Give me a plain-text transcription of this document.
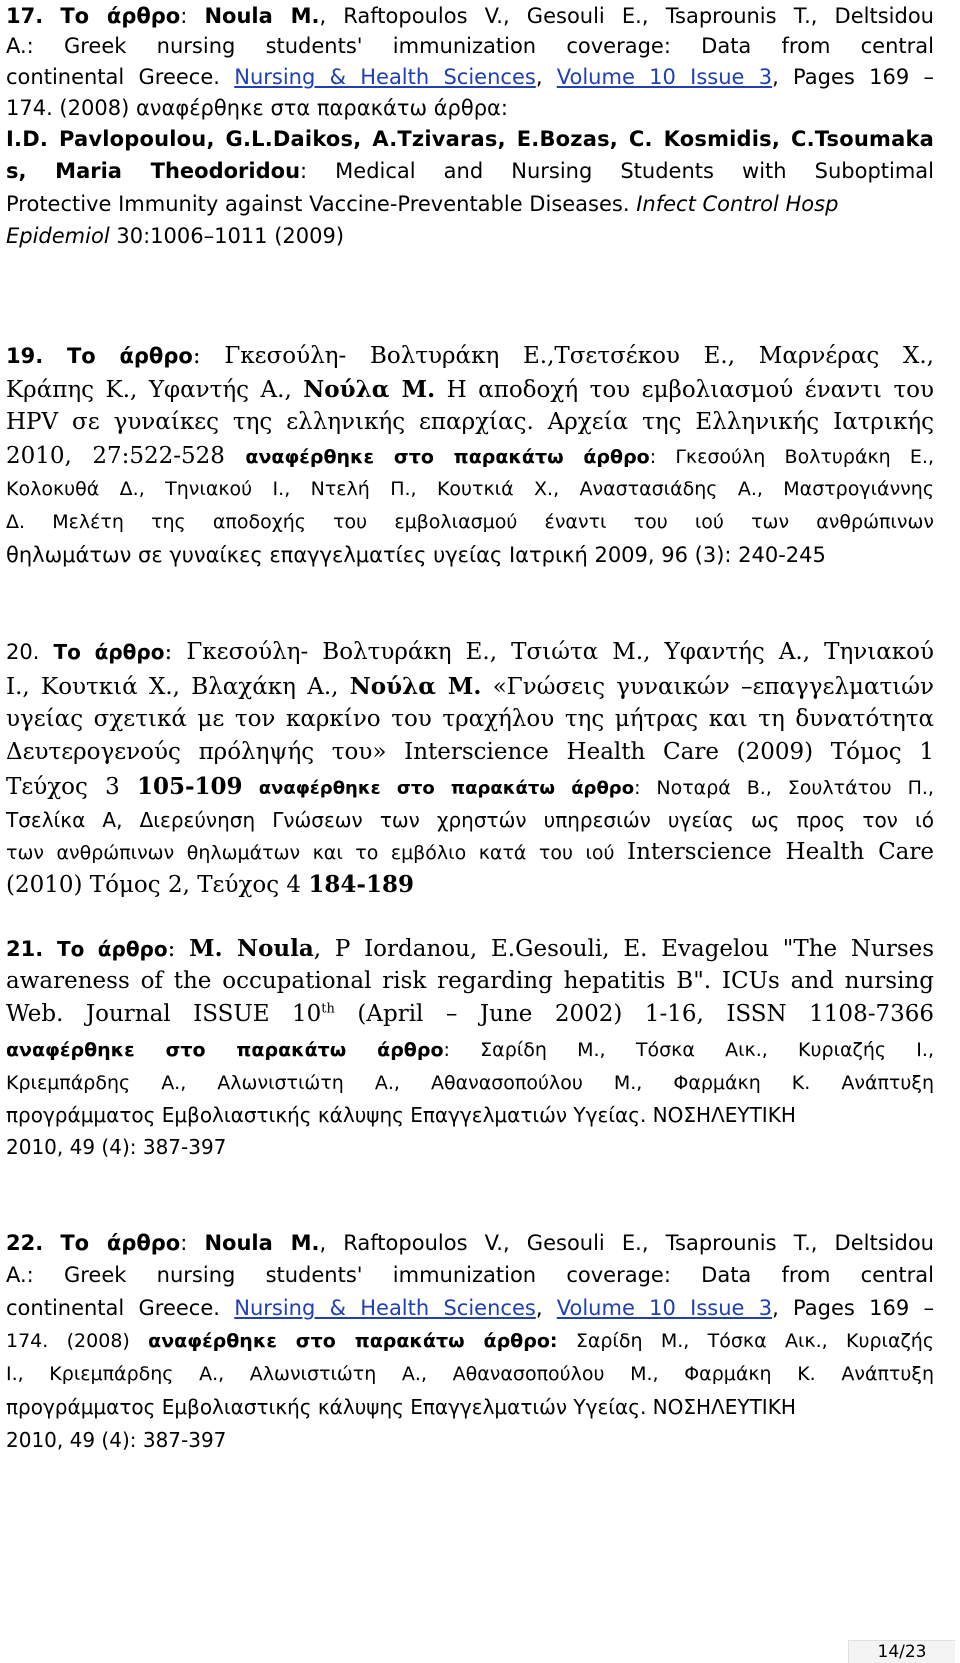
17. Το άρθρο: Noula M., Raftopoulos V., Gesouli E., Tsaprounis T., Deltsidou
A.: Greek nursing students' immunization coverage: Data from central
continental Greece. Nursing & Health Sciences, Volume 10 Issue 3, Pages 169 –
174. (2008) αναφέρθηκε στα παρακάτω άρθρα:
I.D. Pavlopoulou, G.L.Daikos, A.Tzivaras, E.Bozas, C. Kosmidis, C.Tsoumaka
s, Maria Theodoridou: Medical and Nursing Students with Suboptimal
Protective Immunity against Vaccine-Preventable Diseases. Infect Control Hosp
Epidemiol 30:1006–1011 (2009)
19. Το άρθρο: Γκεσούλη- Βολτυράκη Ε.,Τσετσέκου Ε., Μαρνέρας Χ.,
Κράπης Κ., Υφαντής Α., Νούλα Μ. Η αποδοχή του εμβολιασμού έναντι του
HPV σε γυναίκες της ελληνικής επαρχίας. Αρχεία της Ελληνικής Ιατρικής
2010, 27:522-528 αναφέρθηκε στο παρακάτω άρθρο: Γκεσούλη Βολτυράκη Ε.,
Κολοκυθά Δ., Τηνιακού Ι., Ντελή Π., Κουτκιά Χ., Αναστασιάδης Α., Μαστρογιάννης
Δ. Μελέτη της αποδοχής του εμβολιασμού έναντι του ιού των ανθρώπινων
θηλωμάτων σε γυναίκες επαγγελματίες υγείας Ιατρική 2009, 96 (3): 240-245
20. Το άρθρο: Γκεσούλη- Βολτυράκη Ε., Τσιώτα Μ., Υφαντής Α., Τηνιακού
Ι., Κουτκιά Χ., Βλαχάκη Α., Νούλα Μ. «Γνώσεις γυναικών –επαγγελματιών
υγείας σχετικά με τον καρκίνο του τραχήλου της μήτρας και τη δυνατότητα
Δευτερογενούς πρόληψής του» Interscience Health Care (2009) Τόμος 1
Τεύχος 3 105-109 αναφέρθηκε στο παρακάτω άρθρο: Νοταρά Β., Σουλτάτου Π.,
Τσελίκα Α, Διερεύνηση Γνώσεων των χρηστών υπηρεσιών υγείας ως προς τον ιό
των ανθρώπινων θηλωμάτων και το εμβόλιο κατά του ιού Interscience Health Care
(2010) Τόμος 2, Τεύχος 4 184-189
21. Το άρθρο: M. Noula, P Iordanou, E.Gesouli, E. Evagelou "The Nurses
awareness of the occupational risk regarding hepatitis B". ICUs and nursing
Web. Journal ISSUE 10th (April – June 2002) 1-16, ISSN 1108-7366
αναφέρθηκε στο παρακάτω άρθρο: Σαρίδη Μ., Τόσκα Αικ., Κυριαζής Ι.,
Κριεμπάρδης Α., Αλωνιστιώτη Α., Αθανασοπούλου Μ., Φαρμάκη Κ. Ανάπτυξη
προγράμματος Εμβολιαστικής κάλυψης Επαγγελματιών Υγείας. ΝΟΣΗΛΕΥΤΙΚΗ
2010, 49 (4): 387-397
22. Το άρθρο: Noula M., Raftopoulos V., Gesouli E., Tsaprounis T., Deltsidou
A.: Greek nursing students' immunization coverage: Data from central
continental Greece. Nursing & Health Sciences, Volume 10 Issue 3, Pages 169 –
174. (2008) αναφέρθηκε στο παρακάτω άρθρο: Σαρίδη Μ., Τόσκα Αικ., Κυριαζής
Ι., Κριεμπάρδης Α., Αλωνιστιώτη Α., Αθανασοπούλου Μ., Φαρμάκη Κ. Ανάπτυξη
προγράμματος Εμβολιαστικής κάλυψης Επαγγελματιών Υγείας. ΝΟΣΗΛΕΥΤΙΚΗ
2010, 49 (4): 387-397
14/23
